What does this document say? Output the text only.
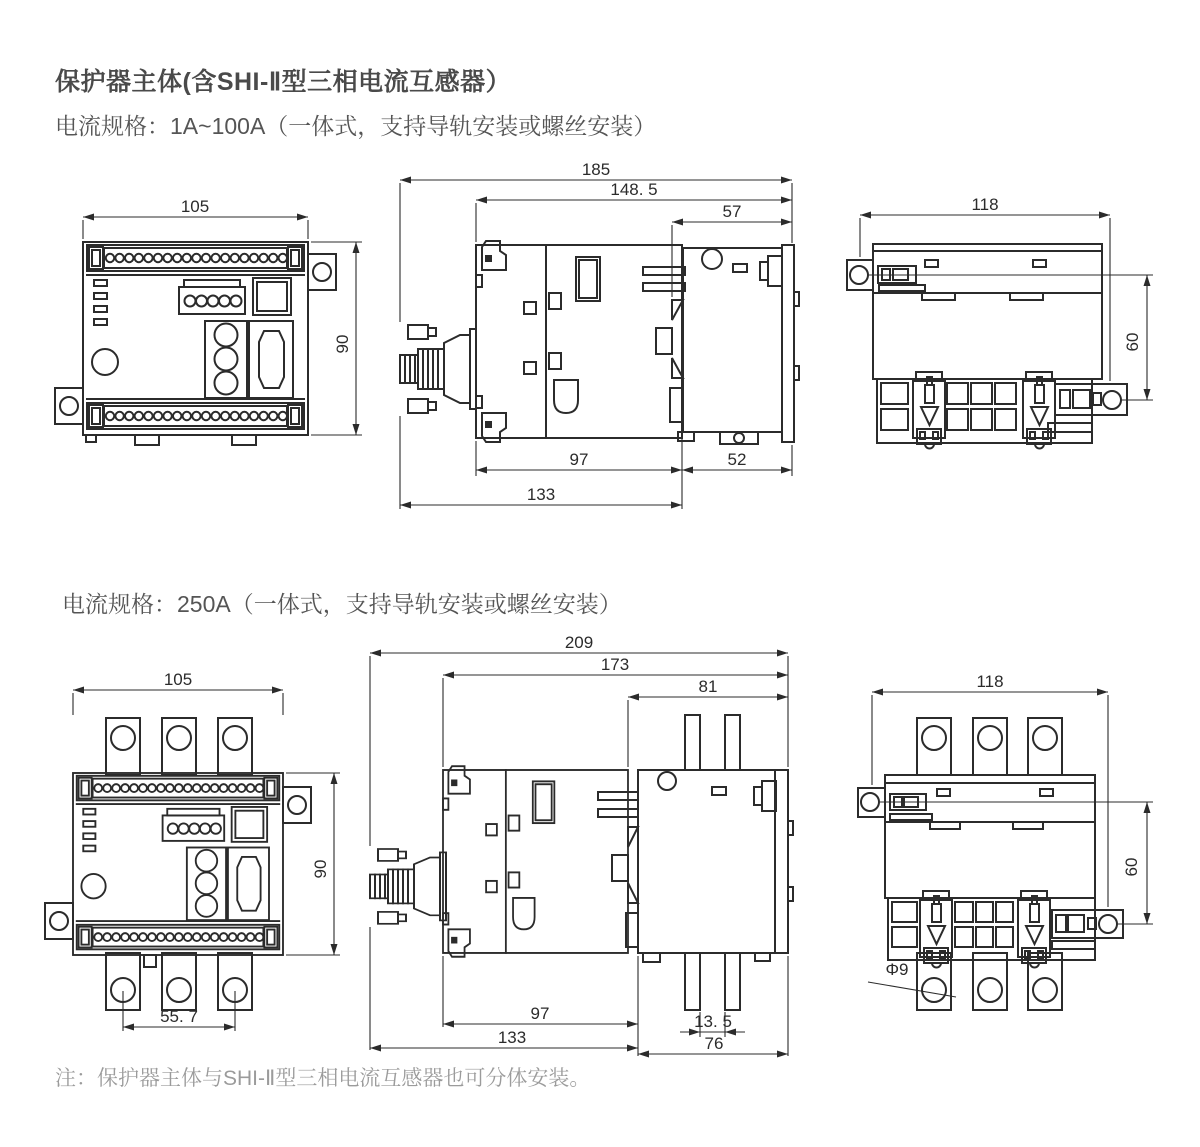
保护器主体(含SHI-Ⅱ型三相电流互感器）
电流规格：1A~100A（一体式，支持导轨安装或螺丝安装）
电流规格：250A（一体式，支持导轨安装或螺丝安装）
注：保护器主体与SHI-Ⅱ型三相电流互感器也可分体安装。
105
90
185
148. 5
57
97	52
133
118
60
105
90
55. 7
209
173
81
97	13. 5
133	76
118
60
Φ9
